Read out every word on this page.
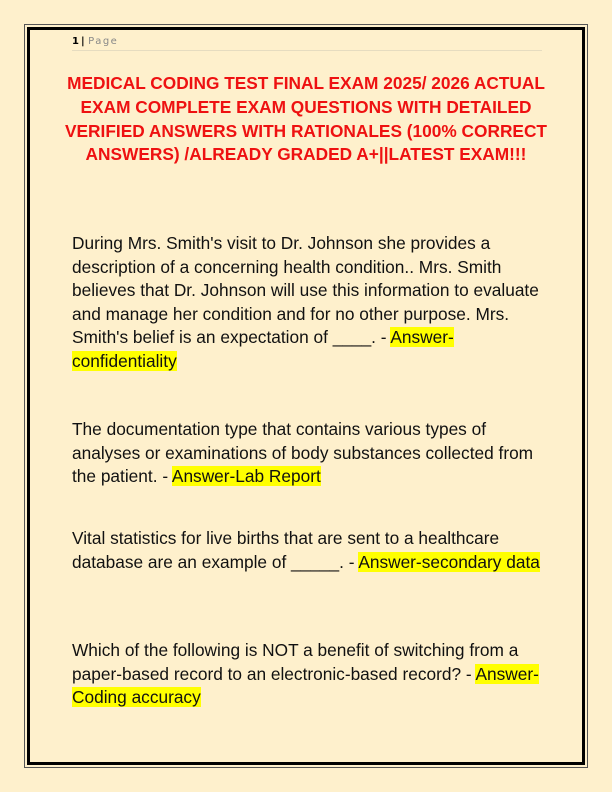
1 | Page
MEDICAL CODING TEST FINAL EXAM 2025/ 2026 ACTUAL EXAM COMPLETE EXAM QUESTIONS WITH DETAILED VERIFIED ANSWERS WITH RATIONALES (100% CORRECT ANSWERS) /ALREADY GRADED A+||LATEST EXAM!!!
During Mrs. Smith's visit to Dr. Johnson she provides a description of a concerning health condition.. Mrs. Smith believes that Dr. Johnson will use this information to evaluate and manage her condition and for no other purpose. Mrs. Smith's belief is an expectation of ____. - Answer-confidentiality
The documentation type that contains various types of analyses or examinations of body substances collected from the patient. - Answer-Lab Report
Vital statistics for live births that are sent to a healthcare database are an example of _____. - Answer-secondary data
Which of the following is NOT a benefit of switching from a paper-based record to an electronic-based record? - Answer-Coding accuracy
